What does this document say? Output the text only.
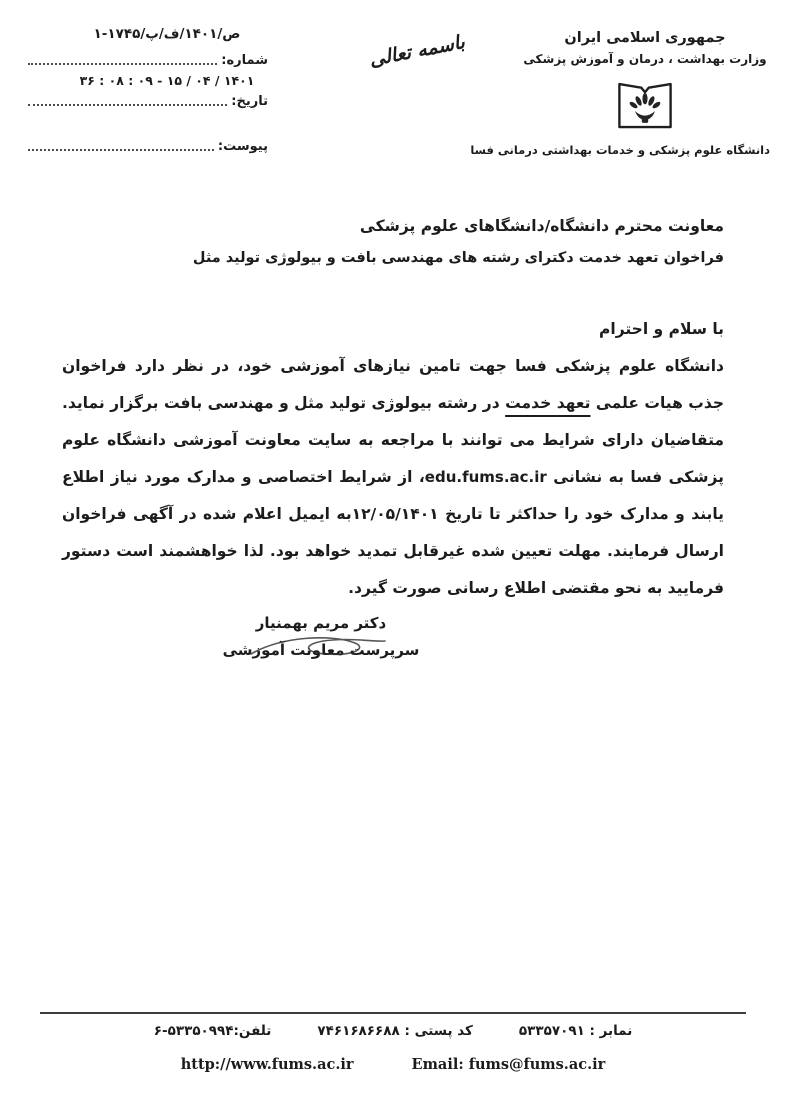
ص/۱۴۰۱/ف/پ/۱۷۴۵-۱
شماره:
۱۴۰۱ / ۰۴ / ۱۵ - ۰۹ : ۰۸ : ۳۶
تاریخ:
پیوست:
باسمه تعالی	جمهوری اسلامی ایران
وزارت بهداشت ، درمان و آموزش پزشکی
دانشگاه علوم پزشکی و خدمات بهداشتی درمانی فسا
معاونت محترم دانشگاه/دانشگاهای علوم پزشکی
فراخوان تعهد خدمت دکترای رشته های مهندسی بافت و بیولوژی تولید مثل
با سلام و احترام

دانشگاه علوم پزشکی فسا جهت تامین نیازهای آموزشی خود، در نظر دارد فراخوان جذب هیات علمی تعهد خدمت در رشته بیولوژی تولید مثل و مهندسی بافت برگزار نماید. متقاضیان دارای شرایط می توانند با مراجعه به سایت معاونت آموزشی دانشگاه علوم پزشکی فسا به نشانی edu.fums.ac.ir، از شرایط اختصاصی و مدارک مورد نیاز اطلاع یابند و مدارک خود را حداکثر تا تاریخ ۱۲/۰۵/۱۴۰۱به ایمیل اعلام شده در آگهی فراخوان ارسال فرمایند. مهلت تعیین شده غیرقابل تمدید خواهد بود. لذا خواهشمند است دستور فرمایید به نحو مقتضی اطلاع رسانی صورت گیرد.

دکتر مریم بهمنیار
سرپرست معاونت آموزشی
نمابر : ۵۳۳۵۷۰۹۱
کد پستی : ۷۴۶۱۶۸۶۶۸۸
تلفن:۵۳۳۵۰۹۹۴-۶
http://www.fums.ac.ir	Email: fums@fums.ac.ir
